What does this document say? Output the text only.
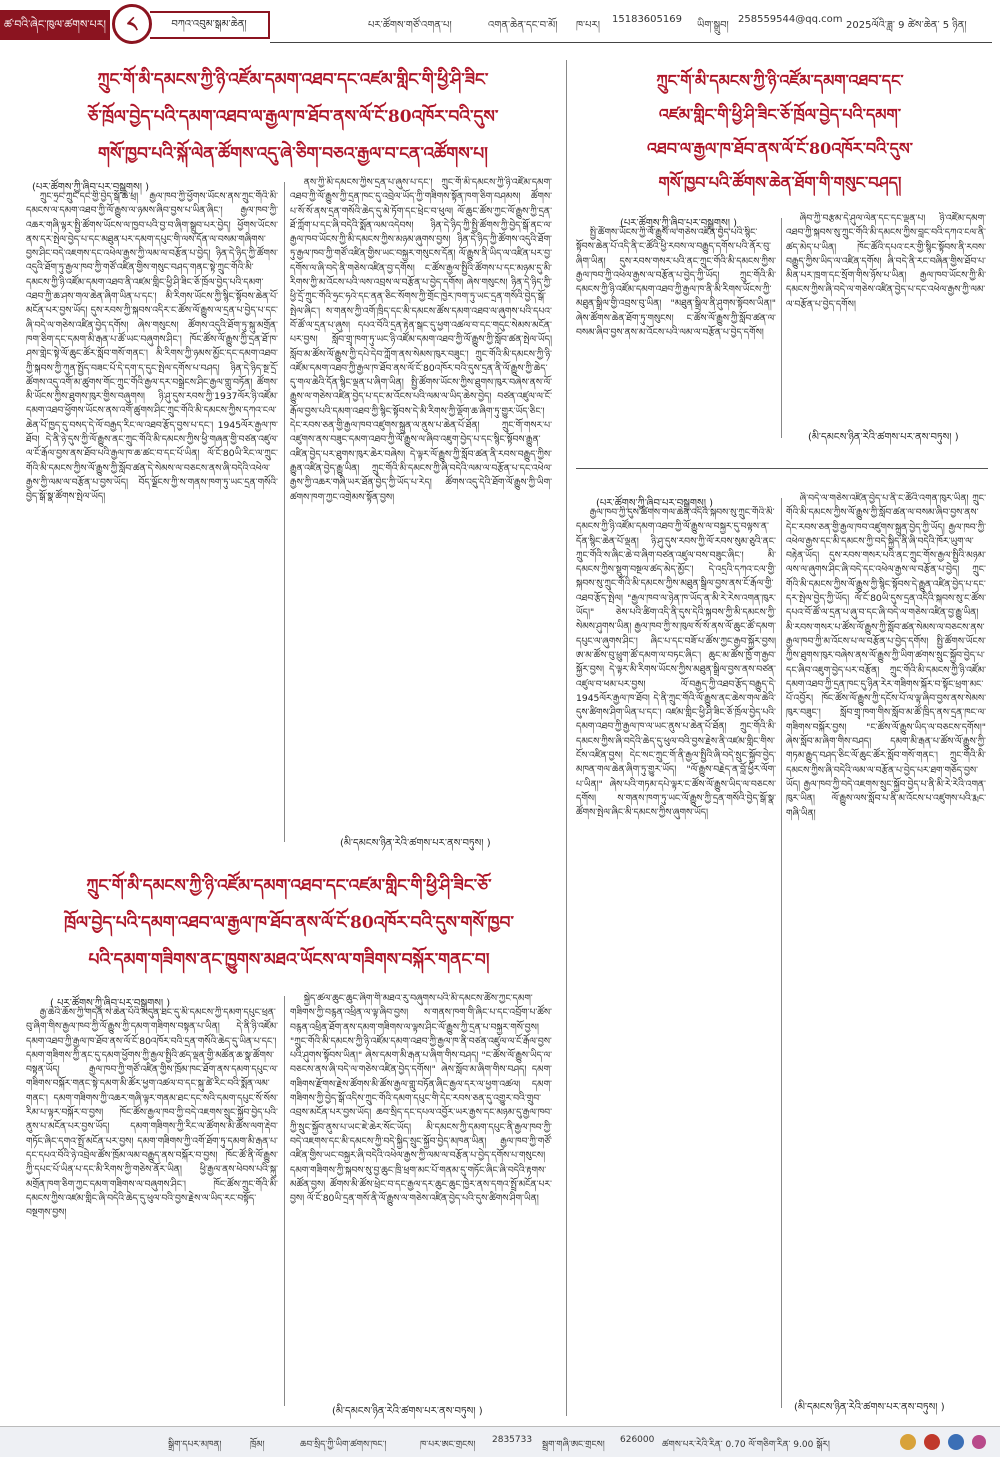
ཚ་བའི་ཞེང་ཁུལ་ཚགས་པར།	བཀའ་འབུམ་སྒམ་ཆེན།
༨	པར་ཚོགས་གཙོ་འགན་པ།	འགན་ཆེན་དང་བ་མོ། ཁ་པར།
15183605169
ཡིག་སྒྲུབ།
258559544@qq.com
2025ལོའི་ཟླ་ 9 ཚེས་ཆེན་ 5 ཉིན།
ཀྲུང་གོ་མི་དམངས་ཀྱི་ཉི་འཛོམ་དམག་འཐབ་དང་འཛམ་གླིང་གི་ཕྱི་ཤི་ཟིང་
ཅོ་ཁྲོལ་བྱེད་པའི་དམག་འཐབ་ལ་རྒྱལ་ཁ་ཐོབ་ནས་ལོ་ངོ་80འཁོར་བའི་དུས་
གསོ་ཁྱབ་པའི་སྐོ་ལེན་ཚོགས་འདུ་ཞེ་ཅིག་བཅའ་རྒྱལ་བ་ངན་འཚོགས་པ།
(པར་ཚོགས་ཀྱི་ཞིབ་པར་བསྒྲགས། )

ཀྲུང་ཧྲང་ཀྲུང་དང་གྱི་བྱེད་སྒོ་ཆེ་ཕྲ། རྒྱལ་ཁབ་ཀྱི་ཕྱོགས་ཡོངས་ནས་ཀྲུང་གོའི་མི་དམངས་ལ་དམག་འཐབ་ཀྱི་ལོ་རྒྱུས་ལ་ཉམས་ཞིབ་བྱས་པ་ཡིན་ཞིང་། རྒྱལ་ཁབ་ཀྱི་འཆར་གཞི་ལྟར་སྤྱི་ཚོགས་ཡོངས་ལ་ཁྱབ་པའི་བྱ་བ་ཞིག་སྒྲུབ་པར་བྱེད། ཕྱོགས་ཡོངས་ནས་དར་སྤེལ་བྱེད་པ་དང་མཐུན་པར་དམག་དཔུང་གི་ལས་དོན་ལ་བསམ་གཞིགས་བྱས་ཤིང་བདེ་འཇགས་དང་འཕེལ་རྒྱས་ཀྱི་ལམ་ལ་བརྩོན་པ་བྱེད། ཉིན་དེ་ཉིད་ཀྱི་ཚོགས་འདུའི་ཐོག་ཏུ་རྒྱལ་ཁབ་ཀྱི་གཙོ་འཛིན་གྱིས་གསུང་བཤད་གནང་སྟེ་ཀྲུང་གོའི་མི་དམངས་ཀྱི་ཉི་འཛོམ་དམག་འཐབ་ནི་འཛམ་གླིང་ཕྱི་ཤི་ཟིང་ཅོ་ཁྲོལ་བྱེད་པའི་དམག་འཐབ་ཀྱི་ཆ་ཤས་གལ་ཆེན་ཞིག་ཡིན་པ་དང་། མི་རིགས་ཡོངས་ཀྱི་སྙིང་སྟོབས་ཆེན་པོ་མངོན་པར་བྱས་ཡོད། དུས་རབས་ཀྱི་སྐབས་འདིར་ང་ཚོས་ལོ་རྒྱུས་ལ་དྲན་པ་བྱེད་པ་དང་ཞི་བདེ་ལ་གཅེས་འཛིན་བྱེད་དགོས། ཞེས་གསུངས། ཚོགས་འདུའི་ཐོག་ཏུ་སྐུ་མགྲོན་ཁག་ཅིག་དང་དམག་མི་རྒན་པ་ཚོ་ཡང་བཞུགས་ཤིང་། ཁོང་ཚོས་ལོ་རྒྱུས་ཀྱི་དྲན་ཐོ་ཁ་ཤས་གླེང་སྟེ་ལོ་ཆུང་ཚོར་སློབ་གསོ་གནང་། མི་རིགས་ཀྱི་ཉམས་མྱོང་དང་དམག་འཐབ་ཀྱི་སྐབས་ཀྱི་ཀུན་སྤྱོད་བཟང་པོ་དེ་དག་ད་དུང་སྤེལ་དགོས་པ་བཤད། ཉིན་དེ་ཉིད་སྔ་དྲོ་ཚོགས་འདུ་འགོ་མ་ཚུགས་གོང་ཀྲུང་གོའི་རྒྱལ་དར་བསྒྲེངས་ཤིང་རྒྱལ་གླུ་བཏོན། ཚོགས་མི་ཡོངས་ཀྱིས་ཐུགས་ཁུར་གྱིས་བཞུགས། ཉི་ཤུ་དུས་རབས་ཀྱི་1937ལོར་ཉི་འཛོམ་དམག་འཐབ་ཕྱོགས་ཡོངས་ནས་འགོ་ཚུགས་ཤིང་ཀྲུང་གོའི་མི་དམངས་ཀྱིས་དཀའ་ངལ་ཆེན་པོ་ཁྱད་དུ་བསད་དེ་ལོ་བརྒྱད་རིང་ལ་འཐབ་རྩོད་བྱས་པ་དང་། 1945ལོར་རྒྱལ་ཁ་ཐོབ། དེ་ནི་ཉེ་དུས་ཀྱི་ལོ་རྒྱུས་ནང་ཀྲུང་གོའི་མི་དམངས་ཀྱིས་ཕྱི་གཞན་གྱི་བཙན་འཛུལ་ལ་ངོ་རྒོལ་བྱས་ནས་ཐོབ་པའི་རྒྱལ་ཁ་ཆ་ཚང་བ་དང་པོ་ཡིན། ལོ་ངོ་80ཡི་རིང་ལ་ཀྲུང་གོའི་མི་དམངས་ཀྱིས་ལོ་རྒྱུས་ཀྱི་སློབ་ཚན་དེ་སེམས་ལ་བཅངས་ནས་ཞི་བདེའི་འཕེལ་རྒྱས་ཀྱི་ལམ་ལ་བརྩོན་པ་བྱས་ཡོད། བོད་ལྗོངས་ཀྱི་ས་གནས་ཁག་ཏུ་ཡང་དྲན་གསོའི་བྱེད་སྒོ་སྣ་ཚོགས་སྤེལ་ཡོད།

ནས་ཀྱི་མི་དམངས་ཀྱིས་དྲན་པ་ཞུས་པ་དང་། ཀྲུང་གོ་མི་དམངས་ཀྱི་ཉི་འཛོམ་དམག་འཐབ་ཀྱི་ལོ་རྒྱུས་ཀྱི་དྲན་ཁང་དུ་འབྲེལ་ཡོད་ཀྱི་གཟིགས་སྟོན་ཁག་ཅིག་བཤམས། ཚོགས་པ་སོ་སོ་ནས་དྲན་གསོའི་ཆེད་དུ་མེ་ཏོག་དང་ཕྲེང་བ་ཕུལ། ལོ་ཆུང་ཚོས་ཀྱང་ལོ་རྒྱུས་ཀྱི་དྲན་ཐོ་ཀློག་པ་དང་ཞི་བདེའི་སྨོན་ལམ་འདེབས། ཉིན་དེ་ཉིད་ཀྱི་སྤྱི་ཚོགས་ཀྱི་བྱེད་སྒོ་ནང་ལ་རྒྱལ་ཁབ་ཡོངས་ཀྱི་མི་དམངས་ཀྱིས་མཉམ་ཞུགས་བྱས། ཉིན་དེ་ཉིད་ཀྱི་ཚོགས་འདུའི་ཐོག་ཏུ་རྒྱལ་ཁབ་ཀྱི་གཙོ་འཛིན་གྱིས་ཡང་བསྐྱར་གསུངས་དོན། ལོ་རྒྱུས་ནི་ཡིད་ལ་འཛིན་པར་བྱ་དགོས་ལ་ཞི་བདེ་ནི་གཅེས་འཛིན་བྱ་དགོས། ང་ཚོས་རྒྱལ་སྤྱིའི་ཚོགས་པ་དང་མཉམ་དུ་མི་རིགས་ཀྱི་མ་འོངས་པའི་ལས་འབྲས་ལ་བརྩོན་པ་བྱེད་དགོས། ཞེས་གསུངས། ཉིན་དེ་ཉིད་ཀྱི་ཕྱི་དྲོ་ཀྲུང་གོའི་ཧྲང་ཧའེ་དང་ནན་ཅིང་སོགས་ཀྱི་གྲོང་ཁྱེར་ཁག་ཏུ་ཡང་དྲན་གསོའི་བྱེད་སྒོ་སྤེལ་ཞིང་། ས་གནས་ཀྱི་འགོ་ཁྲིད་དང་མི་དམངས་ཚོས་དམག་འཐབ་ལ་ཞུགས་པའི་དཔའ་བོ་ཚོ་ལ་དྲན་པ་ཞུས། དཔའ་བོའི་དྲན་རྟེན་སྒང་དུ་ཕྱག་འཚལ་བ་དང་གདུང་སེམས་མངོན་པར་བྱས། སློབ་གྲྭ་ཁག་ཏུ་ཡང་ཉི་འཛོམ་དམག་འཐབ་ཀྱི་ལོ་རྒྱུས་ཀྱི་སློབ་ཚན་སྤེལ་ཡོད། སློབ་མ་ཚོས་ལོ་རྒྱུས་ཀྱི་དཔེ་དེབ་ཀློག་ནས་སེམས་ཁུར་བཟུང་། ཀྲུང་གོའི་མི་དམངས་ཀྱི་ཉི་འཛོམ་དམག་འཐབ་ཀྱི་རྒྱལ་ཁ་ཐོབ་ནས་ལོ་ངོ་80འཁོར་བའི་དུས་དྲན་ནི་ལོ་རྒྱུས་ཀྱི་ཆེད་དུ་གལ་ཆེའི་དོན་སྙིང་ལྡན་པ་ཞིག་ཡིན། སྤྱི་ཚོགས་ཡོངས་ཀྱིས་ཐུགས་ཁུར་བཞེས་ནས་ལོ་རྒྱུས་ལ་གཅེས་འཛིན་བྱེད་པ་དང་མ་འོངས་པའི་ལམ་ལ་ཡིད་ཆེས་བྱེད། བཙན་འཛུལ་ལ་ངོ་རྒོལ་བྱས་པའི་དམག་འཐབ་ཀྱི་སྙིང་སྟོབས་དེ་མི་རིགས་ཀྱི་ལྡོག་ཆ་ཞིག་ཏུ་གྱུར་ཡོད་ཅིང་། དེང་རབས་ཅན་གྱི་རྒྱལ་ཁབ་འཛུགས་སྐྲུན་ལ་ནུས་པ་ཆེན་པོ་ཐོན། ཀྲུང་གོ་གསར་པ་འཛུགས་ནས་བཟུང་དམག་འཐབ་ཀྱི་ལོ་རྒྱུས་ལ་ཞིབ་འཇུག་བྱེད་པ་དང་སྙིང་སྟོབས་རྒྱུན་འཛིན་བྱེད་པར་ཐུགས་ཁུར་ཆེར་བཞེས། དེ་ལྟར་ལོ་རྒྱུས་ཀྱི་སློབ་ཚན་ནི་རབས་བརྒྱུད་ཀྱིས་རྒྱུན་འཛིན་བྱེད་རྒྱུ་ཡིན། ཀྲུང་གོའི་མི་དམངས་ཀྱི་ཞི་བདེའི་ལམ་ལ་བརྩོན་པ་དང་འཕེལ་རྒྱས་ཀྱི་འཆར་གཞི་ཡར་ཐོན་བྱེད་ཀྱི་ཡོད་པ་རེད། ཚོགས་འདུ་དེའི་ཐོག་ལོ་རྒྱུས་ཀྱི་ཡིག་ཚགས་ཁག་ཀྱང་འགྲེམས་སྟོན་བྱས།

(མི་དམངས་ཉིན་རེའི་ཚགས་པར་ནས་བཏུས། )
ཀྲུང་གོ་མི་དམངས་ཀྱི་ཉི་འཛོམ་དམག་འཐབ་དང་འཛམ་གླིང་གི་ཕྱི་ཤི་ཟིང་ཅོ་
ཁྲོལ་བྱེད་པའི་དམག་འཐབ་ལ་རྒྱལ་ཁ་ཐོབ་ནས་ལོ་ངོ་80འཁོར་བའི་དུས་གསོ་ཁྱབ་
པའི་དམག་གཟིགས་ནང་ཁྱུགས་མཐའ་ཡོངས་ལ་གཟིགས་བསྐོར་གནང་བ།
( པར་ཚོགས་ཀྱི་ཞིབ་པར་བསྒྲགས། )

རྒྱ་ཆེའི་ཆོས་ཀྱི་གདན་ས་ཆེན་པོའི་མདུན་ཐང་དུ་མི་དམངས་ཀྱི་དམག་དཔུང་ཕྲན་བུ་ཞིག་གིས་རྒྱལ་ཁབ་ཀྱི་ལོ་རྒྱུས་ཀྱི་དམག་གཟིགས་བསྟན་པ་ཡིན། དེ་ནི་ཉི་འཛོམ་དམག་འཐབ་ཀྱི་རྒྱལ་ཁ་ཐོབ་ནས་ལོ་ངོ་80འཁོར་བའི་དྲན་གསོའི་ཆེད་དུ་ཡིན་པ་དང་། དམག་གཟིགས་ཀྱི་ནང་དུ་དམག་ཕྱོགས་ཀྱི་རྒྱལ་སྤྱིའི་ཚད་ལྡན་གྱི་མཚོན་ཆ་སྣ་ཚོགས་བསྟན་ཡོད། རྒྱལ་ཁབ་ཀྱི་གཙོ་འཛིན་གྱིས་ཁྲོམ་ཁང་ཐོག་ནས་དམག་དཔུང་ལ་གཟིགས་བསྐོར་གནང་སྟེ་དམག་མི་ཚོར་ཕྱག་འཚལ་བ་དང་སྐུ་ཚེ་རིང་བའི་སྨོན་ལམ་གནང་། དམག་གཟིགས་ཀྱི་འཆར་གཞི་ལྟར་གནམ་ཐང་དང་སའི་དམག་དཔུང་སོ་སོས་རིམ་པ་ལྟར་བསྐོར་བ་བྱས། ཁོང་ཚོས་རྒྱལ་ཁབ་ཀྱི་བདེ་འཇགས་སྲུང་སྐྱོབ་བྱེད་པའི་ནུས་པ་མངོན་པར་བྱས་ཡོད། དམག་གཟིགས་ཀྱི་རིང་ལ་ཚོགས་མི་ཚོས་ལག་རྡེབ་གཏོང་ཞིང་དགའ་སྤྲོ་མངོན་པར་བྱས། དམག་གཟིགས་ཀྱི་འགོ་ཐོག་ཏུ་དམག་མི་རྒན་པ་དང་དཔའ་བོའི་ཉེ་འབྲེལ་ཚོས་ཁྲོམ་ལམ་བརྒྱུད་ནས་བསྐོར་བ་བྱས། ཁོང་ཚོ་ནི་ལོ་རྒྱུས་ཀྱི་དཔང་པོ་ཡིན་པ་དང་མི་རིགས་ཀྱི་གཅེས་ནོར་ཡིན། ཕྱི་རྒྱལ་ནས་ཕེབས་པའི་སྐུ་མགྲོན་ཁག་ཅིག་ཀྱང་དམག་གཟིགས་ལ་བཞུགས་ཤིང་། ཁོང་ཚོས་ཀྲུང་གོའི་མི་དམངས་ཀྱིས་འཛམ་གླིང་ཞི་བདེའི་ཆེད་དུ་ཕུལ་བའི་བྱས་རྗེས་ལ་ཡིད་རང་བསྟོད་བསྔགས་བྱས།

སྐྱེད་ཚལ་ཆུང་ཆུང་ཞིག་གི་མཐའ་རུ་བཞུགས་པའི་མི་དམངས་ཚོས་ཀྱང་དམག་གཟིགས་ཀྱི་བརྙན་འཕྲིན་ལ་ལྟ་ཞིབ་བྱས། ས་གནས་ཁག་གི་ཞིང་པ་དང་འབྲོག་པ་ཚོས་བརྙན་འཕྲིན་ཐོག་ནས་དམག་གཟིགས་ལ་ལྟས་ཤིང་ལོ་རྒྱུས་ཀྱི་དྲན་པ་བསྐྱར་གསོ་བྱས། "ཀྲུང་གོའི་མི་དམངས་ཀྱི་ཉི་འཛོམ་དམག་འཐབ་ཀྱི་རྒྱལ་ཁ་ནི་བཙན་འཛུལ་ལ་ངོ་རྒོལ་བྱས་པའི་ཤུགས་སྟོབས་ཡིན།" ཞེས་དམག་མི་རྒན་པ་ཞིག་གིས་བཤད། "ང་ཚོས་ལོ་རྒྱུས་ཡིད་ལ་བཅངས་ནས་ཞི་བདེ་ལ་གཅེས་འཛིན་བྱེད་དགོས།" ཞེས་སློབ་མ་ཞིག་གིས་བཤད། དམག་གཟིགས་རྫོགས་རྗེས་ཚོགས་མི་ཚོས་རྒྱལ་གླུ་བཏོན་ཞིང་རྒྱལ་དར་ལ་ཕྱག་འཚལ། དམག་གཟིགས་ཀྱི་བྱེད་སྒོ་འདིས་ཀྲུང་གོའི་དམག་དཔུང་གི་དེང་རབས་ཅན་དུ་འགྱུར་བའི་གྲུབ་འབྲས་མངོན་པར་བྱས་ཡོད། ཆབ་སྲིད་དང་དཔལ་འབྱོར་ཡར་རྒྱས་དང་མཉམ་དུ་རྒྱལ་ཁབ་ཀྱི་སྲུང་སྐྱོབ་ནུས་པ་ཡང་ཇེ་ཆེར་སོང་ཡོད། མི་དམངས་ཀྱི་དམག་དཔུང་ནི་རྒྱལ་ཁབ་ཀྱི་བདེ་འཇགས་དང་མི་དམངས་ཀྱི་བདེ་སྐྱིད་སྲུང་སྐྱོབ་བྱེད་མཁན་ཡིན། རྒྱལ་ཁབ་ཀྱི་གཙོ་འཛིན་གྱིས་ཡང་བསྐྱར་ཞི་བདེའི་འཕེལ་རྒྱས་ཀྱི་ལམ་ལ་བརྩོན་པ་བྱེད་དགོས་པ་གསུངས། དམག་གཟིགས་ཀྱི་སྐབས་སུ་བྱ་ཆུང་ཁྲི་ཕྲག་མང་པོ་གནམ་དུ་གཏོང་ཞིང་ཞི་བདེའི་རྟགས་མཚོན་བྱས། ཚོགས་མི་ཚོས་ཕྲེང་བ་དང་རྒྱལ་དར་ཆུང་ཆུང་ཁྱེར་ནས་དགའ་སྤྲོ་མངོན་པར་བྱས། ལོ་ངོ་80ཡི་དྲན་གསོ་ནི་ལོ་རྒྱུས་ལ་གཅེས་འཛིན་བྱེད་པའི་དུས་ཚིགས་ཤིག་ཡིན།

(མི་དམངས་ཉིན་རེའི་ཚགས་པར་ནས་བཏུས། )
ཀྲུང་གོ་མི་དམངས་ཀྱི་ཉི་འཛོམ་དམག་འཐབ་དང་
འཛམ་གླིང་གི་ཕྱི་ཤི་ཟིང་ཅོ་ཁྲོལ་བྱེད་པའི་དམག་
འཐབ་ལ་རྒྱལ་ཁ་ཐོབ་ནས་ལོ་ངོ་80འཁོར་བའི་དུས་
གསོ་ཁྱབ་པའི་ཚོགས་ཆེན་ཐོག་གི་གསུང་བཤད།
(པར་ཚོགས་ཀྱི་ཞིབ་པར་བསྒྲགས། )

སྤྱི་ཚོགས་ཡོངས་ཀྱི་ལོ་རྒྱུས་ལ་གཅེས་འཛིན་བྱེད་པའི་སྙིང་སྟོབས་ཆེན་པོ་འདི་ནི་ང་ཚོའི་ཕྱི་རབས་ལ་བརྒྱུད་དགོས་པའི་ནོར་བུ་ཞིག་ཡིན། དུས་རབས་གསར་པའི་ནང་ཀྲུང་གོའི་མི་དམངས་ཀྱིས་རྒྱལ་ཁབ་ཀྱི་འཕེལ་རྒྱས་ལ་བརྩོན་པ་བྱེད་ཀྱི་ཡོད། ཀྲུང་གོའི་མི་དམངས་ཀྱི་ཉི་འཛོམ་དམག་འཐབ་ཀྱི་རྒྱལ་ཁ་ནི་མི་རིགས་ཡོངས་ཀྱི་མཐུན་སྒྲིལ་གྱི་འབྲས་བུ་ཡིན། "མཐུན་སྒྲིལ་ནི་ཤུགས་སྟོབས་ཡིན།" ཞེས་ཚོགས་ཆེན་ཐོག་ཏུ་གསུངས། ང་ཚོས་ལོ་རྒྱུས་ཀྱི་སློབ་ཚན་ལ་བསམ་ཞིབ་བྱས་ནས་མ་འོངས་པའི་ལམ་ལ་བརྩོན་པ་བྱེད་དགོས།

ཞིབ་ཀྱི་བརྩམ་དེ་ཤུལ་ལེན་དང་དང་ལྡན་པ། ཉི་འཛོམ་དམག་འཐབ་ཀྱི་སྐབས་སུ་ཀྲུང་གོའི་མི་དམངས་ཀྱིས་བླང་བའི་དཀའ་ངལ་ནི་ཚད་མེད་པ་ཡིན། ཁོང་ཚོའི་དཔའ་ངར་གྱི་སྙིང་སྟོབས་ནི་རབས་བརྒྱུད་ཀྱིས་ཡིད་ལ་འཛིན་དགོས། ཞི་བདེ་ནི་རང་བཞིན་གྱིས་ཐོབ་པ་མིན་པར་ཁྲག་དང་སྲོག་གིས་ཉོས་པ་ཡིན། རྒྱལ་ཁབ་ཡོངས་ཀྱི་མི་དམངས་ཀྱིས་ཞི་བདེ་ལ་གཅེས་འཛིན་བྱེད་པ་དང་འཕེལ་རྒྱས་ཀྱི་ལམ་ལ་བརྩོན་པ་བྱེད་དགོས།

(མི་དམངས་ཉིན་རེའི་ཚགས་པར་ནས་བཏུས། )
(པར་ཚོགས་ཀྱི་ཞིབ་པར་བསྒྲགས། )

རྒྱལ་ཁབ་ཀྱི་དུས་ཚིགས་གལ་ཆེན་འདིའི་སྐབས་སུ་ཀྲུང་གོའི་མི་དམངས་ཀྱི་ཉི་འཛོམ་དམག་འཐབ་ཀྱི་ལོ་རྒྱུས་ལ་བསྐྱར་དུ་བལྟས་ན་དོན་སྙིང་ཆེན་པོ་ལྡན། ཉི་ཤུ་དུས་རབས་ཀྱི་ལོ་རབས་སུམ་ཅུའི་ནང་ཀྲུང་གོའི་ས་ཞིང་ཆེ་བ་ཞིག་བཙན་འཛུལ་བས་བཟུང་ཞིང་། མི་དམངས་ཀྱིས་སྡུག་བསྔལ་ཚད་མེད་མྱོང་། དེ་འདྲའི་དཀའ་ངལ་གྱི་སྐབས་སུ་ཀྲུང་གོའི་མི་དམངས་ཀྱིས་མཐུན་སྒྲིལ་བྱས་ནས་ངོ་རྒོལ་གྱི་འཐབ་རྩོད་སྤེལ། "རྒྱལ་ཁབ་ལ་ཉེན་ཁ་ཡོད་ན་མི་རེ་རེས་འགན་ཁུར་ཡོད།" ཅེས་པའི་ཚིག་འདི་ནི་དུས་དེའི་སྐབས་ཀྱི་མི་དམངས་ཀྱི་སེམས་ཤུགས་ཡིན། རྒྱལ་ཁབ་ཀྱི་ས་ཁུལ་སོ་སོ་ནས་ལོ་ཆུང་ཚོ་དམག་དཔུང་ལ་ཞུགས་ཤིང་། ཞིང་པ་དང་བཟོ་པ་ཚོས་ཀྱང་རྒྱབ་སྐྱོར་བྱས། ཨ་མ་ཚོས་བུ་ཕྲུག་ཚོ་དམག་ལ་བཏང་ཞིང་། ཆུང་མ་ཚོས་ཁྱོ་ག་རྒྱབ་སྐྱོར་བྱས། དེ་ལྟར་མི་རིགས་ཡོངས་ཀྱིས་མཐུན་སྒྲིལ་བྱས་ནས་བཙན་འཛུལ་བ་ཕམ་པར་བྱས། ལོ་བརྒྱད་ཀྱི་འཐབ་རྩོད་བརྒྱུད་དེ་1945ལོར་རྒྱལ་ཁ་ཐོབ། དེ་ནི་ཀྲུང་གོའི་ལོ་རྒྱུས་ནང་ཆེས་གལ་ཆེའི་དུས་ཚིགས་ཤིག་ཡིན་པ་དང་། འཛམ་གླིང་ཕྱི་ཤི་ཟིང་ཅོ་ཁྲོལ་བྱེད་པའི་དམག་འཐབ་ཀྱི་རྒྱལ་ཁ་ལ་ཡང་ནུས་པ་ཆེན་པོ་ཐོན། ཀྲུང་གོའི་མི་དམངས་ཀྱིས་ཞི་བདེའི་ཆེད་དུ་ཕུལ་བའི་བྱས་རྗེས་ནི་འཛམ་གླིང་གིས་ངོས་འཛིན་བྱས། དེང་སང་ཀྲུང་གོ་ནི་རྒྱལ་སྤྱིའི་ཞི་བདེ་སྲུང་སྐྱོབ་བྱེད་མཁན་གལ་ཆེན་ཞིག་ཏུ་གྱུར་ཡོད། "ལོ་རྒྱུས་བརྗེད་ན་བློ་ཕྱིར་ལོག་པ་ཡིན།" ཞེས་པའི་གཏམ་དཔེ་ལྟར་ང་ཚོས་ལོ་རྒྱུས་ཡིད་ལ་བཅངས་དགོས། ས་གནས་ཁག་ཏུ་ཡང་ལོ་རྒྱུས་ཀྱི་དྲན་གསོའི་བྱེད་སྒོ་སྣ་ཚོགས་སྤེལ་ཞིང་མི་དམངས་ཀྱིས་ཞུགས་ཡོད།

ཞི་བདེ་ལ་གཅེས་འཛིན་བྱེད་པ་ནི་ང་ཚོའི་འགན་ཁུར་ཡིན། ཀྲུང་གོའི་མི་དམངས་ཀྱིས་ལོ་རྒྱུས་ཀྱི་སློབ་ཚན་ལ་བསམ་ཞིབ་བྱས་ནས་དེང་རབས་ཅན་གྱི་རྒྱལ་ཁབ་འཛུགས་སྐྲུན་བྱེད་ཀྱི་ཡོད། རྒྱལ་ཁབ་ཀྱི་འཕེལ་རྒྱས་དང་མི་དམངས་ཀྱི་བདེ་སྐྱིད་ནི་ཞི་བདེའི་ཁོར་ཡུག་ལ་བརྟེན་ཡོད། དུས་རབས་གསར་པའི་ནང་ཀྲུང་གོས་རྒྱལ་སྤྱིའི་མཉམ་ལས་ལ་ཞུགས་ཤིང་ཞི་བདེ་དང་འཕེལ་རྒྱས་ལ་བརྩོན་པ་བྱེད། ཀྲུང་གོའི་མི་དམངས་ཀྱིས་ལོ་རྒྱུས་ཀྱི་སྙིང་སྟོབས་དེ་རྒྱུན་འཛིན་བྱེད་པ་དང་དར་སྤེལ་བྱེད་ཀྱི་ཡོད། ལོ་ངོ་80ཡི་དུས་དྲན་འདིའི་སྐབས་སུ་ང་ཚོས་དཔའ་བོ་ཚོ་ལ་དྲན་པ་ཞུ་བ་དང་ཞི་བདེ་ལ་གཅེས་འཛིན་བྱ་རྒྱུ་ཡིན། མི་རབས་གསར་པ་ཚོས་ལོ་རྒྱུས་ཀྱི་སློབ་ཚན་སེམས་ལ་བཅངས་ནས་རྒྱལ་ཁབ་ཀྱི་མ་འོངས་པ་ལ་བརྩོན་པ་བྱེད་དགོས། སྤྱི་ཚོགས་ཡོངས་ཀྱིས་ཐུགས་ཁུར་བཞེས་ནས་ལོ་རྒྱུས་ཀྱི་ཡིག་ཚགས་སྲུང་སྐྱོབ་བྱེད་པ་དང་ཞིབ་འཇུག་བྱེད་པར་བརྩོན། ཀྲུང་གོའི་མི་དམངས་ཀྱི་ཉི་འཛོམ་དམག་འཐབ་ཀྱི་དྲན་ཁང་དུ་ཉིན་རེར་གཟིགས་སྐོར་བ་སྟོང་ཕྲག་མང་པོ་འབྱོར། ཁོང་ཚོས་ལོ་རྒྱུས་ཀྱི་དངོས་པོ་ལ་ལྟ་ཞིབ་བྱས་ནས་སེམས་ཁུར་བཟུང་། སློབ་གྲྭ་ཁག་གིས་སློབ་མ་ཚོ་ཁྲིད་ནས་དྲན་ཁང་ལ་གཟིགས་བསྐོར་བྱས། "ང་ཚོས་ལོ་རྒྱུས་ཡིད་ལ་བཅངས་དགོས།" ཞེས་སློབ་མ་ཞིག་གིས་བཤད། དམག་མི་རྒན་པ་ཚོས་ལོ་རྒྱུས་ཀྱི་གཏམ་རྒྱུད་བཤད་ཅིང་ལོ་ཆུང་ཚོར་སློབ་གསོ་གནང་། ཀྲུང་གོའི་མི་དམངས་ཀྱིས་ཞི་བདེའི་ལམ་ལ་བརྩོན་པ་བྱེད་པར་ཐག་གཅོད་བྱས་ཡོད། རྒྱལ་ཁབ་ཀྱི་བདེ་འཇགས་སྲུང་སྐྱོབ་བྱེད་པ་ནི་མི་རེ་རེའི་འགན་ཁུར་ཡིན། ལོ་རྒྱུས་ལས་སློབ་པ་ནི་མ་འོངས་པ་འཛུགས་པའི་རྨང་གཞི་ཡིན།

(མི་དམངས་ཉིན་རེའི་ཚགས་པར་ནས་བཏུས། )
སྒྲིག་དཔར་མཁན།	ཁྲོམ།	ཆབ་སྲིད་ཀྱི་ཡིག་ཚགས་ཁང་།	ཁ་པར་ཨང་གྲངས། 2835733 སྦྲག་གཞི་ཨང་གྲངས། 626000 ཚགས་པར་རེའི་རིན་ 0.70 ལོ་གཅིག་རིན་ 9.00 སྒོར།
